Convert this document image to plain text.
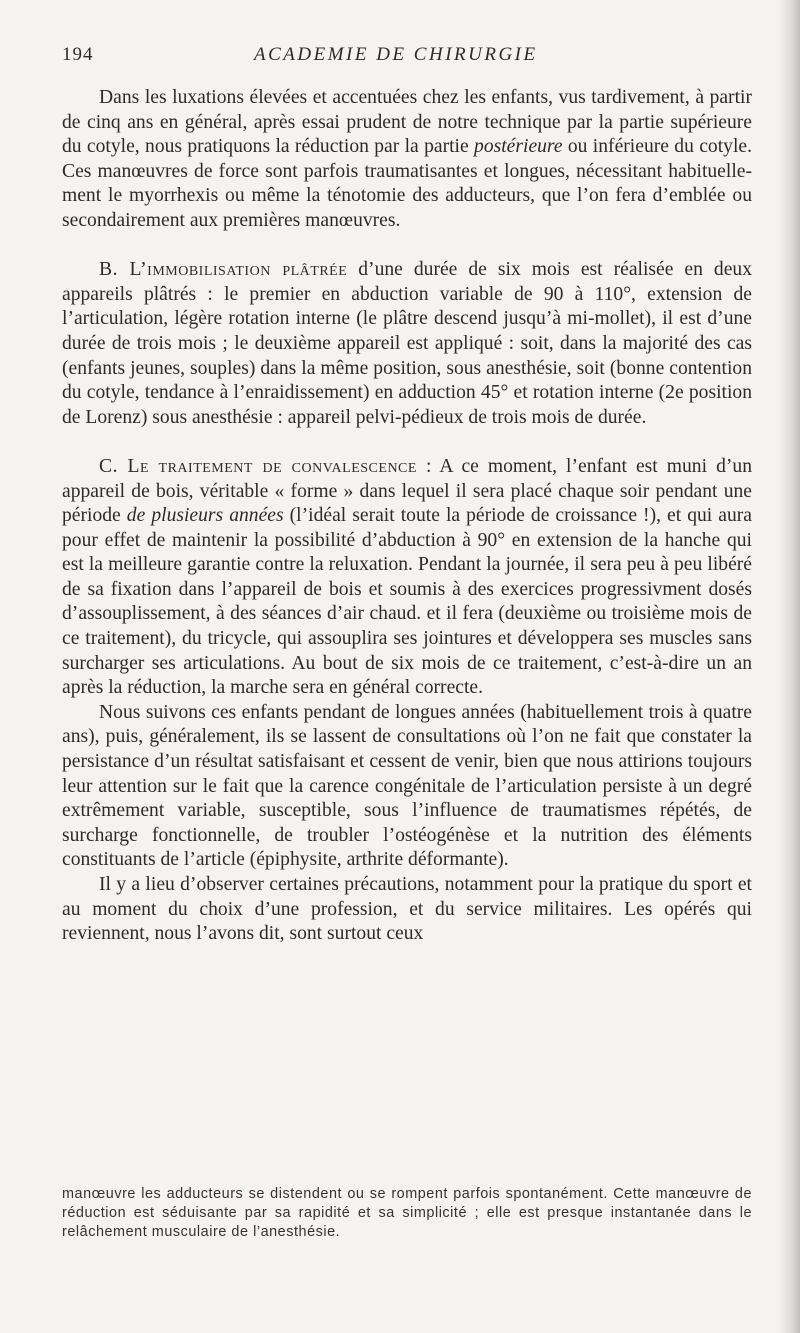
194	ACADEMIE DE CHIRURGIE

Dans les luxations élevées et accentuées chez les enfants, vus tardivement, à partir de cinq ans en général, après essai prudent de notre technique par la partie supérieure du cotyle, nous pratiquons la réduction par la partie postérieure ou inférieure du cotyle. Ces manœuvres de force sont parfois traumatisantes et longues, nécessitant habituellement le myorrhexis ou même la ténotomie des adducteurs, que l’on fera d’emblée ou secondairement aux premières manœuvres.

B. L’immobilisation plâtrée d’une durée de six mois est réalisée en deux appareils plâtrés : le premier en abduction variable de 90 à 110°, extension de l’articulation, légère rotation interne (le plâtre descend jusqu’à mi-mollet), il est d’une durée de trois mois ; le deuxième appareil est appliqué : soit, dans la majorité des cas (enfants jeunes, souples) dans la même position, sous anesthésie, soit (bonne contention du cotyle, tendance à l’enraidissement) en adduction 45° et rotation interne (2e position de Lorenz) sous anesthésie : appareil pelvi-pédieux de trois mois de durée.

C. Le traitement de convalescence : A ce moment, l’enfant est muni d’un appareil de bois, véritable « forme » dans lequel il sera placé chaque soir pendant une période de plusieurs années (l’idéal serait toute la période de croissance !), et qui aura pour effet de maintenir la possibilité d’abduction à 90° en extension de la hanche qui est la meilleure garantie contre la reluxation. Pendant la journée, il sera peu à peu libéré de sa fixation dans l’appareil de bois et soumis à des exercices progressivment dosés d’assouplissement, à des séances d’air chaud. et il fera (deuxième ou troisième mois de ce traitement), du tricycle, qui assouplira ses jointures et développera ses muscles sans surcharger ses articulations. Au bout de six mois de ce traitement, c’est-à-dire un an après la réduction, la marche sera en général correcte.

Nous suivons ces enfants pendant de longues années (habituellement trois à quatre ans), puis, généralement, ils se lassent de consultations où l’on ne fait que constater la persistance d’un résultat satisfaisant et cessent de venir, bien que nous attirions toujours leur attention sur le fait que la carence congénitale de l’articulation persiste à un degré extrêmement variable, susceptible, sous l’influence de traumatismes répétés, de surcharge fonctionnelle, de troubler l’ostéogénèse et la nutrition des éléments constituants de l’article (épiphysite, arthrite déformante).

Il y a lieu d’observer certaines précautions, notamment pour la pratique du sport et au moment du choix d’une profession, et du service militaires. Les opérés qui reviennent, nous l’avons dit, sont surtout ceux

manœuvre les adducteurs se distendent ou se rompent parfois spontanément. Cette manœuvre de réduction est séduisante par sa rapidité et sa simplicité ; elle est presque instantanée dans le relâchement musculaire de l’anesthésie.
